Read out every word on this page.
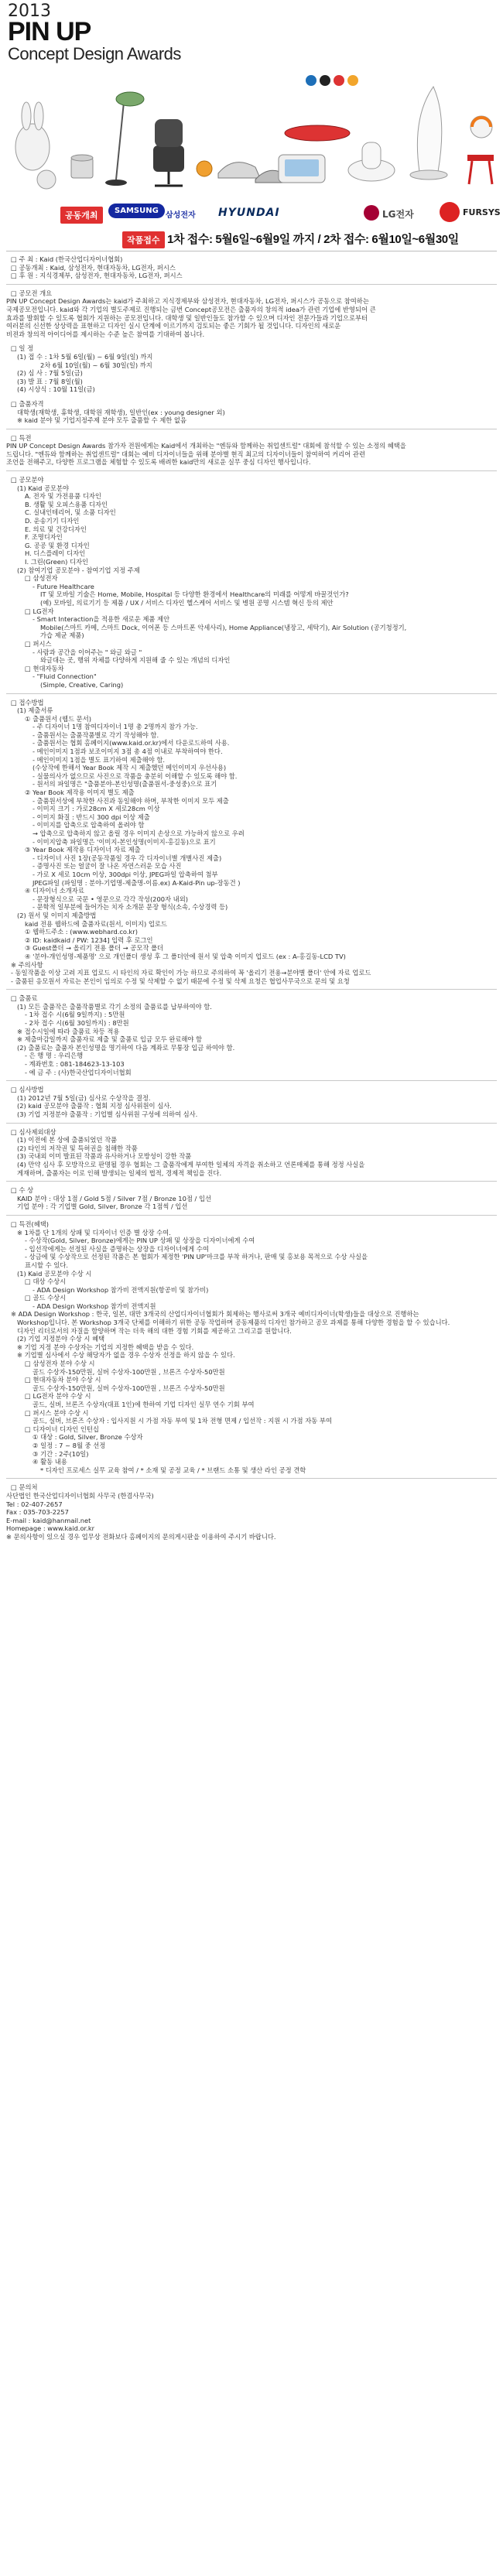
2013
PIN UP
Concept Design Awards
공동개최	SAMSUNG
삼성전자 HYUNDAI	LG전자	FURSYS
작품접수 1차 접수: 5월6일~6월9일 까지 / 2차 접수: 6월10일~6월30일
□ 주 최 : Kaid (한국산업디자이너협회)
□ 공동개최 : Kaid, 삼성전자, 현대자동차, LG전자, 퍼시스
□ 후 원 : 지식경제부, 삼성전자, 현대자동차, LG전자, 퍼시스
□ 공모전 개요
PIN UP Concept Design Awards는 kaid가 주최하고 지식경제부와 삼성전자, 현대자동차, LG전자, 퍼시스가 공동으로 참여하는
국제공모전입니다. kaid와 각 기업의 별도주제로 진행되는 금번 Concept공모전은 출품자의 창의적 idea가 관련 기업에 반영되어 큰
효과를 발휘할 수 있도록 협회가 지원하는 공모전입니다. 대학생 및 일반인들도 참가할 수 있으며 디자인 전문가들과 기업으로부터
여러분의 신선한 상상력을 표현하고 디자인 실시 단계에 이르기까지 검토되는 좋은 기회가 될 것입니다. 디자인의 새로운
비젼과 창의적 아이디어를 제시하는 수준 높은 참여를 기대하여 봅니다.
□ 일 정
(1) 접 수 : 1차 5월 6일(월) ~ 6월 9일(일) 까지
2차 6월 10일(월) ~ 6월 30일(일) 까지
(2) 심 사 : 7월 5일(금)
(3) 발 표 : 7월 8일(월)
(4) 시상식 : 10월 11일(금)
□ 출품자격
대학생(재학생, 휴학생, 대학원 재학생), 일반인(ex : young designer 외)
※ kaid 분야 및 기업지정주제 분야 모두 출품할 수 제한 없음
□ 특전
PIN UP Concept Design Awards 참가자 전원에게는 Kaid에서 개최하는 "엔듀와 함께하는 취업센트럴" 대회에 참석할 수 있는 소정의 혜택을
드립니다. "엔듀와 함께하는 취업센트럴" 대회는 예비 디자이너들을 위해 분야별 현직 최고의 디자이너들이 참여하여 커리어 관련
조언을 전해주고, 다양한 프로그램을 체험할 수 있도록 배려한 kaid만의 새로운 실무 중심 디자인 행사입니다.
□ 공모분야
(1) Kaid 공모분야
A. 전자 및 가전용품 디자인
B. 생활 및 오피스용품 디자인
C. 실내인테리어, 및 소품 디자인
D. 운송기기 디자인
E. 의료 및 건강디자인
F. 조명디자인
G. 공공 및 환경 디자인
H. 디스플레이 디자인
I. 그린(Green) 디자인
(2) 참여기업 공모분야 - 참여기업 지정 주제
□ 삼성전자
- Future Healthcare
IT 및 모바일 기술은 Home, Mobile, Hospital 등 다양한 환경에서 Healthcare의 미래를 어떻게 바꿀것인가?
(예) 모바일, 의료기기 등 제품 / UX / 서비스 디자인 헬스케어 서비스 및 병원 공명 시스템 혁신 등의 제안
□ LG전자
- Smart Interaction을 적용한 새로운 제품 제안
Mobile(스마트 카메, 스마트 Dock, 이어폰 등 스마트폰 악세사리), Home Appliance(냉장고, 세탁기), Air Solution (공기청정기,
가습 제균 제품)
□ 퍼시스
- 사람과 공간을 이어주는 " 와글 와글 "
와글대는 곳, 행위 자체를 다양하게 지원해 줄 수 있는 개념의 디자인
□ 현대자동차
- "Fluid Connection"
(Simple, Creative, Caring)
□ 접수방법
(1) 제출서류
① 출품원서 (웹드 문서)
- 주 디자이너 1명 참여디자이너 1명 총 2명까지 참가 가능.
- 출품원서는 출품작품별로 각기 작성해야 함.
- 출품원서는 협회 홈페이지(www.kaid.or.kr)에서 다운로드하여 사용.
- 메인이미지 1점과 보조이미지 3점 총 4점 이내로 부착하여야 한다.
- 메인이미지 1점을 별도 표기하여 제출해야 함.
(수상작에 한해서 Year Book 제작 시 제출했던 메인이미지 우선사용)
- 실물의사가 없으므로 사진으로 작품을 충분히 이해할 수 있도록 해야 함.
- 원서의 파일명은 "출품분야-본인성명(출품원서-중성중)으로 표기
② Year Book 제작용 이미지 별도 제출
- 출품원서상에 부착한 사진과 동일해야 하며, 부착한 이미지 모두 제출
- 이미지 크기 : 가로28cm X 세로28cm 이상
- 이미지 화질 : 반드시 300 dpi 이상 제출
- 이미지를 압축으로 압축하여 올려야 함
→ 압축으로 압축하지 않고 올릴 경우 이미지 손상으로 가능하지 않으로 우려
- 이미지압축 파일명은 '이미지-본인성명(이미지-홍길동)으로 표기
③ Year Book 제작용 디자이너 자료 제출
- 디자이너 사진 1장(공동작품일 경우 각 디자이너별 개별사진 제출)
- 증명사진 또는 얼굴이 잘 나온 자연스러운 모습 사진
- 가로 X 세로 10cm 이상, 300dpi 이상, JPEG파일 압축하여 첨부
JPEG파일 (파일명 : 분야-기업명-제출명-이름.ex) A-Kaid-Pin up-장동건 )
④ 디자이너 소개자료
- 문장형식으로 국문 • 영문으로 각각 작성(200자 내외)
- 문학적 일부분에 들어가는 치자 소개문 문장 형식(소속, 수상경력 등)
(2) 원서 및 이미지 제출방법
kaid 전용 웹하드에 출품자료(원서, 이미지) 업로드
① 웹하드주소 : (www.webhard.co.kr)
② ID: kaidkaid / PW: 1234] 입력 후 로그인
③ Guest폴더 → 올리기 전용 폴더 → 공모작 폴더
④ '분야-개인성명-제품명' 으로 개인폴더 생성 후 그 폴더안에 원서 및 압축 이미지 업로드 (ex : A-홍길동-LCD TV)
※ 주의사항
- 동일작품을 이상 고려 지표 업로드 시 타인의 자료 확인이 가능 하므로 주의하여 꼭 '올리기 전용→분야별 폴더' 안에 자료 업로드
- 출품된 응모원서 자료는 본인이 임의로 수정 및 삭제할 수 없기 때문에 수정 및 삭제 요청은 협업사무국으로 문의 및 요청
□ 출품료
(1) 모든 출품작은 출품작품별로 각기 소정의 출품료를 납부하여야 함.
- 1차 접수 시(6월 9일까지) : 5만원
- 2차 접수 시(6월 30일까지) : 8만원
※ 접수시일에 따라 출품료 차등 적용
※ 제출마감일까지 출품자료 제출 및 출품료 입금 모두 완료해야 함
(2) 출품료는 출품자 본인성명을 명기하여 다음 계좌로 무통장 입금 하여야 함.
- 은 행 명 : 우리은행
- 계좌번호 : 081-184623-13-103
- 예 금 주 : (사)한국산업디자이너협회
□ 심사방법
(1) 2012년 7월 5일(금) 심사로 수상작을 결정.
(2) kaid 공모분야 출품작 : 협회 지정 심사위원이 심사.
(3) 기업 지정분야 출품작 : 기업별 심사위원 구성에 의하여 심사.
□ 심사제외대상
(1) 이전에 본 상에 출품되었던 작품
(2) 타인의 저작권 및 특허권을 침해한 작품
(3) 국내외 이미 발표된 작품과 유사하거나 모방성이 강한 작품
(4) 만약 심사 후 모방작으로 판명될 경우 협회는 그 출품작에게 부여한 일체의 자격을 취소하고 언론매체를 통해 정정 사실을
게재하며, 출품자는 이로 인해 발생되는 일체의 법적, 경제적 책임을 진다.
□ 수 상
KAID 분야 : 대상 1점 / Gold 5점 / Silver 7점 / Bronze 10점 / 입선
기업 분야 : 각 기업별 Gold, Silver, Bronze 각 1점씩 / 입선
□ 특전(혜택)
※ 1차를 단 1개의 상패 및 디자이너 인증 별 상장 수여.
- 수상작(Gold, Silver, Bronze)에게는 PIN UP 상패 및 상장을 디자이너에게 수여
- 입선작에게는 선정된 사실을 증명하는 상장을 디자이너에게 수여
- 상금에 및 수상작으로 선정된 작품은 본 협회가 제정한 'PIN UP'마크를 부착 하거나, 판매 및 홍보용 목적으로 수상 사실을
표시할 수 있다.
(1) Kaid 공모분야 수상 시
□ 대상 수상시
- ADA Design Workshop 참가비 전액지원(항공비 및 참가비)
□ 골드 수상시
- ADA Design Workshop 참가비 전액지원
※ ADA Design Workshop : 한국, 일본, 대만 3개국의 산업디자이너협회가 회제하는 행사로써 3개국 예비디자이너(학생)들을 대상으로 진행하는
Workshop입니다. 본 Workshop 3개국 단체를 이해하기 위한 공동 작업하며 공동제품의 디자인 참가하고 공모 과제를 통해 다양한 경험을 할 수 있습니다.
디자인 리더로서의 자질을 함양하며 작는 더욱 해의 대한 경험 기회를 제공하고 그리고를 원합니다.
(2) 기업 지정분야 수상 시 혜택
※ 기업 지정 분야 수상자는 기업의 지정한 혜택을 받을 수 있다.
※ 기업별 심사에서 수상 해당자가 없을 경우 수상자 선정을 하지 않을 수 있다.
□ 삼성전자 분야 수상 시
골드 수상자-150만원, 실버 수상자-100만원 , 브론즈 수상자-50만원
□ 현대자동차 분야 수상 시
골드 수상자-150만원, 실버 수상자-100만원 , 브론즈 수상자-50만원
□ LG전자 분야 수상 시
골드, 실버, 브론즈 수상자(대표 1인)에 한하여 기업 디자인 실무 연수 기회 부여
□ 퍼시스 분야 수상 시
골드, 실버, 브론즈 수상자 : 입사지원 시 가점 자동 부여 및 1차 전형 면제 / 입선작 : 지원 시 가점 자동 부여
□ 디자이너 디자인 인턴십
① 대상 : Gold, Silver, Bronze 수상자
② 일정 : 7 ~ 8월 중 선정
③ 기간 : 2주(10일)
④ 활동 내용
* 디자인 프로세스 실무 교육 참여 / * 소재 및 공정 교육 / * 브랜드 소통 및 생산 라인 공정 견학
□ 문의처
사단법인 한국산업디자이너협회 사무국 (한겸사무국)
Tel : 02-407-2657
Fax : 035-703-2257
E-mail : kaid@hanmail.net
Homepage : www.kaid.or.kr
※ 문의사항이 있으실 경우 업무상 전화보다 홈페이지의 문의게시판을 이용하여 주시기 바랍니다.
